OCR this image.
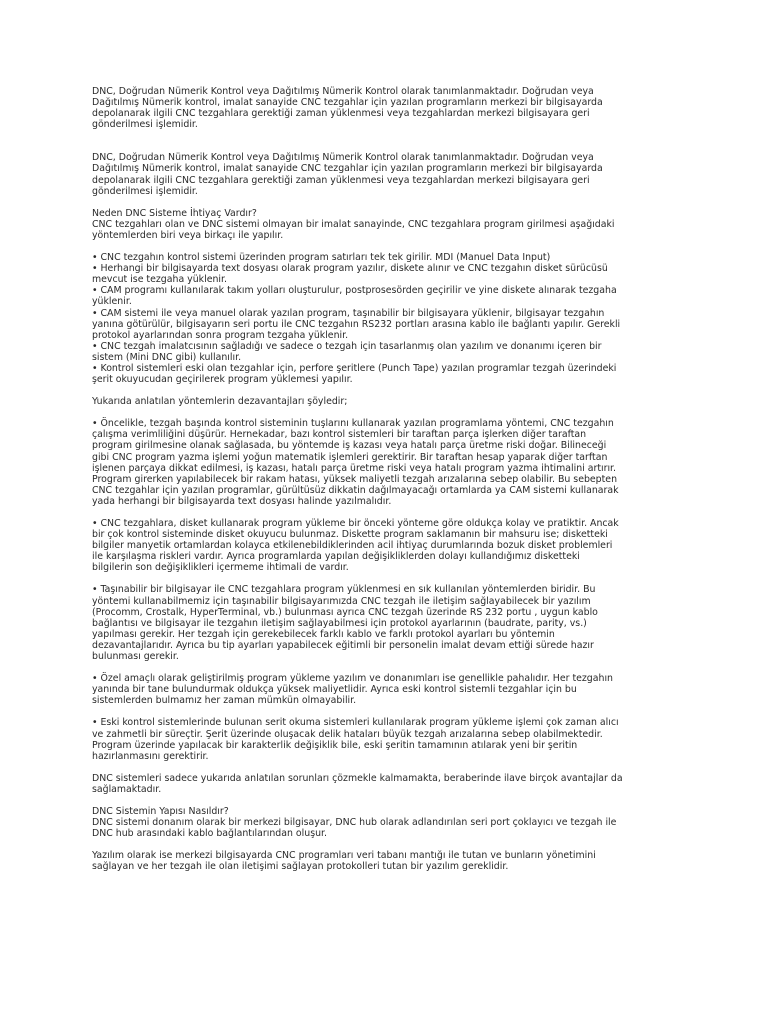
DNC, Doğrudan Nümerik Kontrol veya Dağıtılmış Nümerik Kontrol olarak tanımlanmaktadır. Doğrudan veya
Dağıtılmış Nümerik kontrol, imalat sanayide CNC tezgahlar için yazılan programların merkezi bir bilgisayarda
depolanarak ilgili CNC tezgahlara gerektiği zaman yüklenmesi veya tezgahlardan merkezi bilgisayara geri
gönderilmesi işlemidir.

DNC, Doğrudan Nümerik Kontrol veya Dağıtılmış Nümerik Kontrol olarak tanımlanmaktadır. Doğrudan veya
Dağıtılmış Nümerik kontrol, imalat sanayide CNC tezgahlar için yazılan programların merkezi bir bilgisayarda
depolanarak ilgili CNC tezgahlara gerektiği zaman yüklenmesi veya tezgahlardan merkezi bilgisayara geri
gönderilmesi işlemidir.

Neden DNC Sisteme İhtiyaç Vardır?
CNC tezgahları olan ve DNC sistemi olmayan bir imalat sanayinde, CNC tezgahlara program girilmesi aşağıdaki
yöntemlerden biri veya birkaçı ile yapılır.

• CNC tezgahın kontrol sistemi üzerinden program satırları tek tek girilir. MDI (Manuel Data Input)
• Herhangi bir bilgisayarda text dosyası olarak program yazılır, diskete alınır ve CNC tezgahın disket sürücüsü
mevcut ise tezgaha yüklenir.
• CAM programı kullanılarak takım yolları oluşturulur, postprosesörden geçirilir ve yine diskete alınarak tezgaha
yüklenir.
• CAM sistemi ile veya manuel olarak yazılan program, taşınabilir bir bilgisayara yüklenir, bilgisayar tezgahın
yanına götürülür, bilgisayarın seri portu ile CNC tezgahın RS232 portları arasına kablo ile bağlantı yapılır. Gerekli
protokol ayarlarından sonra program tezgaha yüklenir.
• CNC tezgah imalatcısının sağladığı ve sadece o tezgah için tasarlanmış olan yazılım ve donanımı içeren bir
sistem (Mini DNC gibi) kullanılır.
• Kontrol sistemleri eski olan tezgahlar için, perfore şeritlere (Punch Tape) yazılan programlar tezgah üzerindeki
şerit okuyucudan geçirilerek program yüklemesi yapılır.

Yukarıda anlatılan yöntemlerin dezavantajları şöyledir;

• Öncelikle, tezgah başında kontrol sisteminin tuşlarını kullanarak yazılan programlama yöntemi, CNC tezgahın
çalışma verimliliğini düşürür. Hernekadar, bazı kontrol sistemleri bir taraftan parça işlerken diğer taraftan
program girilmesine olanak sağlasada, bu yöntemde iş kazası veya hatalı parça üretme riski doğar. Bilineceği
gibi CNC program yazma işlemi yoğun matematik işlemleri gerektirir. Bir taraftan hesap yaparak diğer tarftan
işlenen parçaya dikkat edilmesi, iş kazası, hatalı parça üretme riski veya hatalı program yazma ihtimalini artırır.
Program girerken yapılabilecek bir rakam hatası, yüksek maliyetli tezgah arızalarına sebep olabilir. Bu sebepten
CNC tezgahlar için yazılan programlar, gürültüsüz dikkatin dağılmayacağı ortamlarda ya CAM sistemi kullanarak
yada herhangi bir bilgisayarda text dosyası halinde yazılmalıdır.

• CNC tezgahlara, disket kullanarak program yükleme bir önceki yönteme göre oldukça kolay ve pratiktir. Ancak
bir çok kontrol sisteminde disket okuyucu bulunmaz. Diskette program saklamanın bir mahsuru ise; disketteki
bilgiler manyetik ortamlardan kolayca etkilenebildiklerinden acil ihtiyaç durumlarında bozuk disket problemleri
ile karşılaşma riskleri vardır. Ayrıca programlarda yapılan değişikliklerden dolayı kullandığımız disketteki
bilgilerin son değişiklikleri içermeme ihtimali de vardır.

• Taşınabilir bir bilgisayar ile CNC tezgahlara program yüklenmesi en sık kullanılan yöntemlerden biridir. Bu
yöntemi kullanabilmemiz için taşınabilir bilgisayarımızda CNC tezgah ile iletişim sağlayabilecek bir yazılım
(Procomm, Crostalk, HyperTerminal, vb.) bulunması ayrıca CNC tezgah üzerinde RS 232 portu , uygun kablo
bağlantısı ve bilgisayar ile tezgahın iletişim sağlayabilmesi için protokol ayarlarının (baudrate, parity, vs.)
yapılması gerekir. Her tezgah için gerekebilecek farklı kablo ve farklı protokol ayarları bu yöntemin
dezavantajlarıdır. Ayrıca bu tip ayarları yapabilecek eğitimli bir personelin imalat devam ettiği sürede hazır
bulunması gerekir.

• Özel amaçlı olarak geliştirilmiş program yükleme yazılım ve donanımları ise genellikle pahalıdır. Her tezgahın
yanında bir tane bulundurmak oldukça yüksek maliyetlidir. Ayrıca eski kontrol sistemli tezgahlar için bu
sistemlerden bulmamız her zaman mümkün olmayabilir.

• Eski kontrol sistemlerinde bulunan serit okuma sistemleri kullanılarak program yükleme işlemi çok zaman alıcı
ve zahmetli bir süreçtir. Şerit üzerinde oluşacak delik hataları büyük tezgah arızalarına sebep olabilmektedir.
Program üzerinde yapılacak bir karakterlik değişiklik bile, eski şeritin tamamının atılarak yeni bir şeritin
hazırlanmasını gerektirir.

DNC sistemleri sadece yukarıda anlatılan sorunları çözmekle kalmamakta, beraberinde ilave birçok avantajlar da
sağlamaktadır.

DNC Sistemin Yapısı Nasıldır?
DNC sistemi donanım olarak bir merkezi bilgisayar, DNC hub olarak adlandırılan seri port çoklayıcı ve tezgah ile
DNC hub arasındaki kablo bağlantılarından oluşur.

Yazılım olarak ise merkezi bilgisayarda CNC programları veri tabanı mantığı ile tutan ve bunların yönetimini
sağlayan ve her tezgah ile olan iletişimi sağlayan protokolleri tutan bir yazılım gereklidir.
